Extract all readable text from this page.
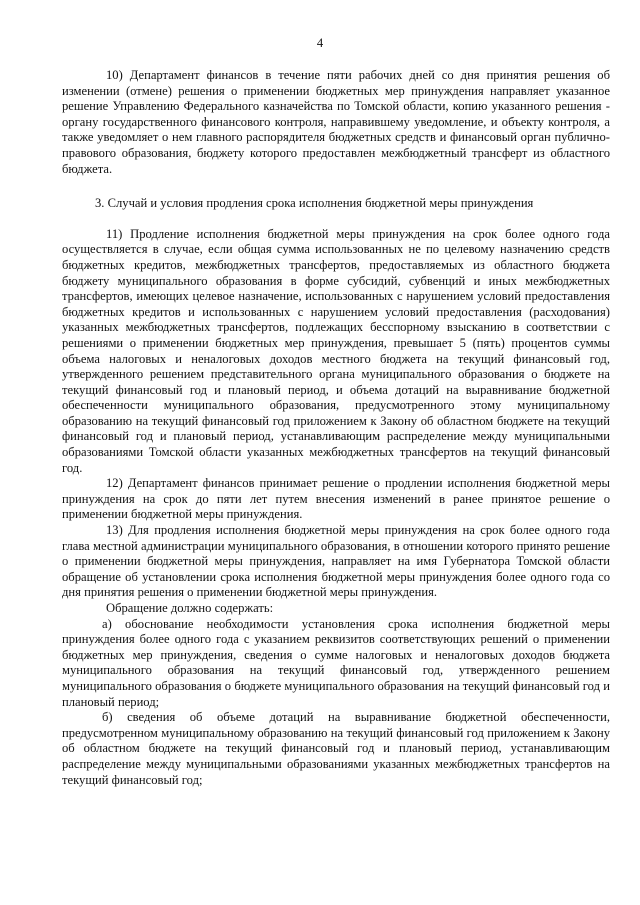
4

10) Департамент финансов в течение пяти рабочих дней со дня принятия решения об изменении (отмене) решения о применении бюджетных мер принуждения направляет указанное решение Управлению Федерального казначейства по Томской области, копию указанного решения - органу государственного финансового контроля, направившему уведомление, и объекту контроля, а также уведомляет о нем главного распорядителя бюджетных средств и финансовый орган публично-правового образования, бюджету которого предоставлен межбюджетный трансферт из областного бюджета.

3. Случай и условия продления срока исполнения бюджетной меры принуждения

11) Продление исполнения бюджетной меры принуждения на срок более одного года осуществляется в случае, если общая сумма использованных не по целевому назначению средств бюджетных кредитов, межбюджетных трансфертов, предоставляемых из областного бюджета бюджету муниципального образования в форме субсидий, субвенций и иных межбюджетных трансфертов, имеющих целевое назначение, использованных с нарушением условий предоставления бюджетных кредитов и использованных с нарушением условий предоставления (расходования) указанных межбюджетных трансфертов, подлежащих бесспорному взысканию в соответствии с решениями о применении бюджетных мер принуждения, превышает 5 (пять) процентов суммы объема налоговых и неналоговых доходов местного бюджета на текущий финансовый год, утвержденного решением представительного органа муниципального образования о бюджете на текущий финансовый год и плановый период, и объема дотаций на выравнивание бюджетной обеспеченности муниципального образования, предусмотренного этому муниципальному образованию на текущий финансовый год приложением к Закону об областном бюджете на текущий финансовый год и плановый период, устанавливающим распределение между муниципальными образованиями Томской области указанных межбюджетных трансфертов на текущий финансовый год.

12) Департамент финансов принимает решение о продлении исполнения бюджетной меры принуждения на срок до пяти лет путем внесения изменений в ранее принятое решение о применении бюджетной меры принуждения.

13) Для продления исполнения бюджетной меры принуждения на срок более одного года глава местной администрации муниципального образования, в отношении которого принято решение о применении бюджетной меры принуждения, направляет на имя Губернатора Томской области обращение об установлении срока исполнения бюджетной меры принуждения более одного года со дня принятия решения о применении бюджетной меры принуждения.

Обращение должно содержать:

а) обоснование необходимости установления срока исполнения бюджетной меры принуждения более одного года с указанием реквизитов соответствующих решений о применении бюджетных мер принуждения, сведения о сумме налоговых и неналоговых доходов бюджета муниципального образования на текущий финансовый год, утвержденного решением муниципального образования о бюджете муниципального образования на текущий финансовый год и плановый период;

б) сведения об объеме дотаций на выравнивание бюджетной обеспеченности, предусмотренном муниципальному образованию на текущий финансовый год приложением к Закону об областном бюджете на текущий финансовый год и плановый период, устанавливающим распределение между муниципальными образованиями указанных межбюджетных трансфертов на текущий финансовый год;
